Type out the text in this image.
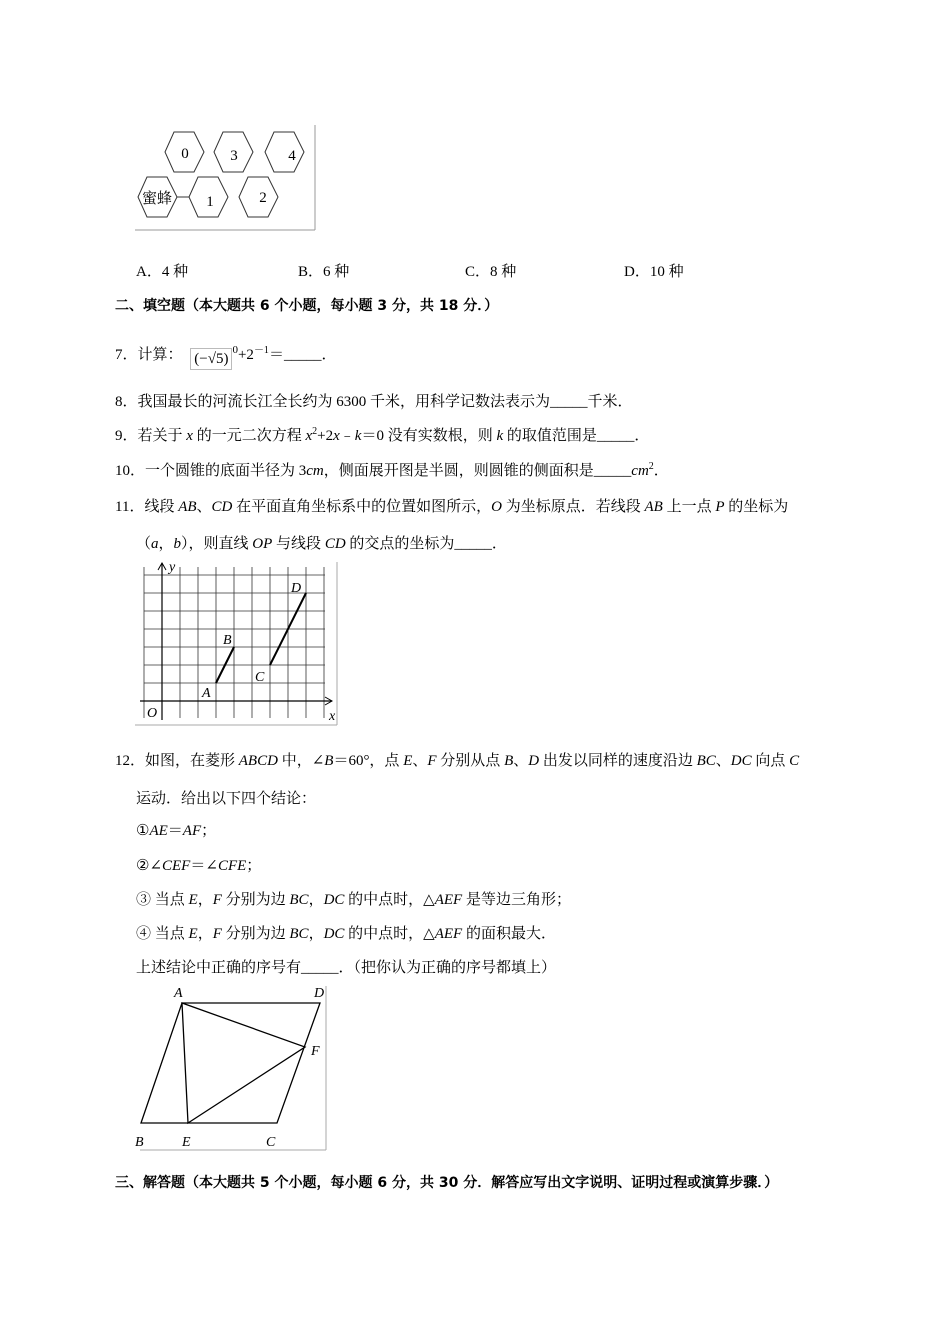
蜜蜂
0	3	4
1	2
A．4 种	B．6 种	C．8 种	D．10 种
二、填空题（本大题共 6 个小题，每小题 3 分，共 18 分．）
7．计算： $(-√5)^0+2^{-1}=\_\_\_\_\_$．
8．我国最长的河流长江全长约为 6300 千米，用科学记数法表示为_____千米．
9．若关于 x 的一元二次方程 $x^2+2x﹣k=0$ 没有实数根，则 k 的取值范围是_____．
10．一个圆锥的底面半径为 3cm，侧面展开图是半圆，则圆锥的侧面积是$\_\_\_\_\_cm^2$．
11．线段 AB、CD 在平面直角坐标系中的位置如图所示，O 为坐标原点．若线段 AB 上一点 P 的坐标为
（a，b），则直线 OP 与线段 CD 的交点的坐标为_____．
y
x
O
A
B
C
D
12．如图，在菱形 ABCD 中，∠B＝60°，点 E、F 分别从点 B、D 出发以同样的速度沿边 BC、DC 向点 C
运动．给出以下四个结论：
①AE＝AF；
②∠CEF＝∠CFE；
③ 当点 E，F 分别为边 BC，DC 的中点时，△AEF 是等边三角形；
④ 当点 E，F 分别为边 BC，DC 的中点时，△AEF 的面积最大．
上述结论中正确的序号有_____．（把你认为正确的序号都填上）
A	D
F
B	E	C
三、解答题（本大题共 5 个小题，每小题 6 分，共 30 分．解答应写出文字说明、证明过程或演算步骤．）
